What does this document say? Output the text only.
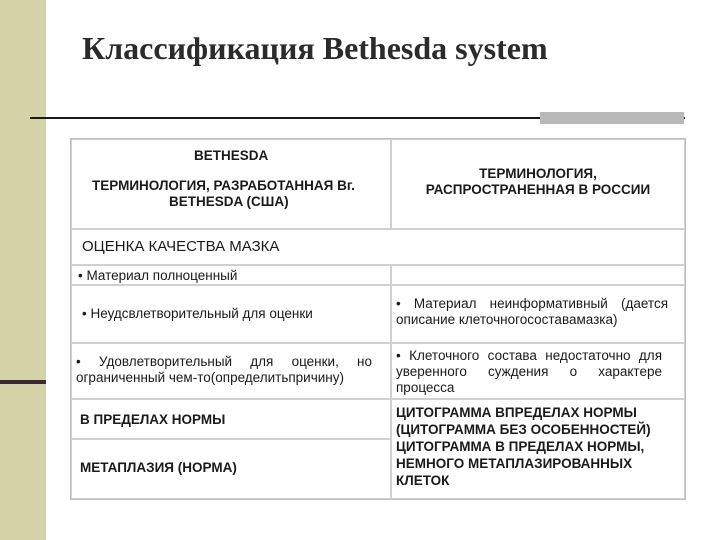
Классификация Bethesda system
BETHESDA
ТЕРМИНОЛОГИЯ, РАЗРАБОТАННАЯ Вг.
BETHESDA (США)
ТЕРМИНОЛОГИЯ, РАСПРОСТРАНЕННАЯ В РОССИИ
ОЦЕНКА КАЧЕСТВА МАЗКА
• Материал полноценный
• Неудсвлетворительный для оценки
• Материал неинформативный (дается описание клеточногосоставамазка)
• Удовлетворительный для оценки, но ограниченный чем-то(определитьпричину)
• Клеточного состава недостаточно для уверенного суждения о характере процесса
В ПРЕДЕЛАХ НОРМЫ
МЕТАПЛАЗИЯ (НОРМА)
ЦИТОГРАММА ВПРЕДЕЛАХ НОРМЫ (ЦИТОГРАММА БЕЗ ОСОБЕННОСТЕЙ) ЦИТОГРАММА В ПРЕДЕЛАХ НОРМЫ, НЕМНОГО МЕТАПЛАЗИРОВАННЫХ КЛЕТОК
